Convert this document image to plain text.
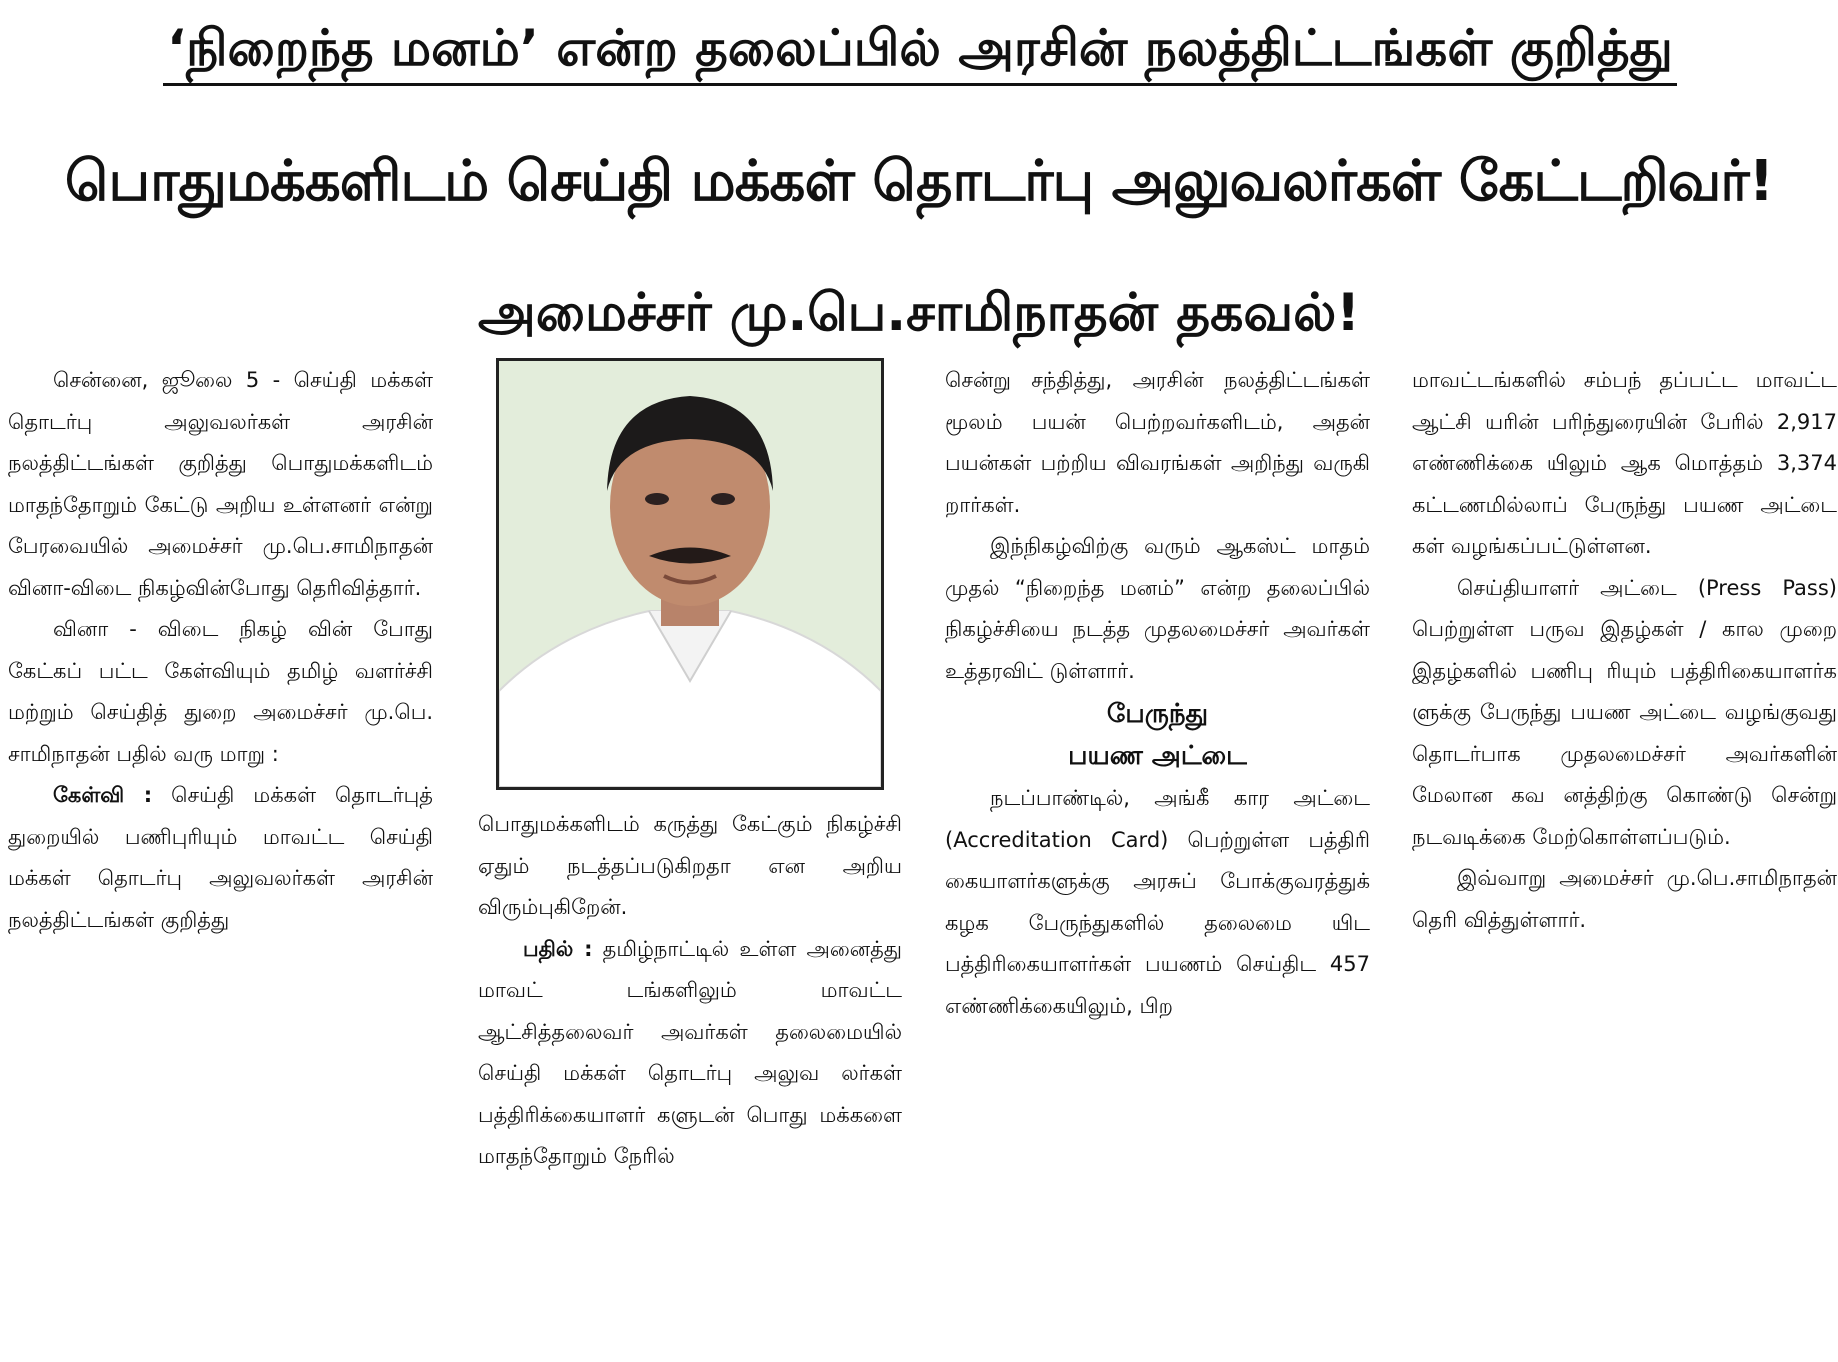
‘நிறைந்த மனம்’ என்ற தலைப்பில் அரசின் நலத்திட்டங்கள் குறித்து
பொதுமக்களிடம் செய்தி மக்கள் தொடர்பு அலுவலர்கள் கேட்டறிவர்!
அமைச்சர் மு.பெ.சாமிநாதன் தகவல்!

சென்னை, ஜூலை 5 - செய்தி மக்கள் தொடர்பு அலுவலர்கள் அரசின் நலத்திட்டங்கள் குறித்து பொதுமக்களிடம் மாதந்தோறும் கேட்டு அறிய உள்ளனர் என்று பேரவையில் அமைச்சர் மு.பெ.சாமிநாதன் வினா-விடை நிகழ்வின்போது தெரிவித்தார்.

வினா - விடை நிகழ் வின் போது கேட்கப் பட்ட கேள்வியும் தமிழ் வளர்ச்சி மற்றும் செய்தித் துறை அமைச்சர் மு.பெ. சாமிநாதன் பதில் வரு மாறு :

கேள்வி : செய்தி மக்கள் தொடர்புத் துறையில் பணிபுரியும் மாவட்ட செய்தி மக்கள் தொடர்பு அலுவலர்கள் அரசின் நலத்திட்டங்கள் குறித்து

பொதுமக்களிடம் கருத்து கேட்கும் நிகழ்ச்சி ஏதும் நடத்தப்படுகிறதா என அறிய விரும்புகிறேன்.

பதில் : தமிழ்நாட்டில் உள்ள அனைத்து மாவட் டங்களிலும் மாவட்ட ஆட்சித்தலைவர் அவர்கள் தலைமையில் செய்தி மக்கள் தொடர்பு அலுவ லர்கள் பத்திரிக்கையாளர் களுடன் பொது மக்களை மாதந்தோறும் நேரில்

சென்று சந்தித்து, அரசின் நலத்திட்டங்கள் மூலம் பயன் பெற்றவர்களிடம், அதன் பயன்கள் பற்றிய விவரங்கள் அறிந்து வருகி றார்கள்.

இந்நிகழ்விற்கு வரும் ஆகஸ்ட் மாதம் முதல் “நிறைந்த மனம்” என்ற தலைப்பில் நிகழ்ச்சியை நடத்த முதலமைச்சர் அவர்கள் உத்தரவிட் டுள்ளார்.

பேருந்து
பயண அட்டை

நடப்பாண்டில், அங்கீ கார அட்டை (Accreditation Card) பெற்றுள்ள பத்திரி கையாளர்களுக்கு அரசுப் போக்குவரத்துக் கழக பேருந்துகளில் தலைமை யிட பத்திரிகையாளர்கள் பயணம் செய்திட 457 எண்ணிக்கையிலும், பிற

மாவட்டங்களில் சம்பந் தப்பட்ட மாவட்ட ஆட்சி யரின் பரிந்துரையின் பேரில் 2,917 எண்ணிக்கை யிலும் ஆக மொத்தம் 3,374 கட்டணமில்லாப் பேருந்து பயண அட்டை கள் வழங்கப்பட்டுள்ளன.

செய்தியாளர் அட்டை (Press Pass) பெற்றுள்ள பருவ இதழ்கள் / கால முறை இதழ்களில் பணிபு ரியும் பத்திரிகையாளர்க ளுக்கு பேருந்து பயண அட்டை வழங்குவது தொடர்பாக முதலமைச்சர் அவர்களின் மேலான கவ னத்திற்கு கொண்டு சென்று நடவடிக்கை மேற்கொள்ளப்படும்.

இவ்வாறு அமைச்சர் மு.பெ.சாமிநாதன் தெரி வித்துள்ளார்.
